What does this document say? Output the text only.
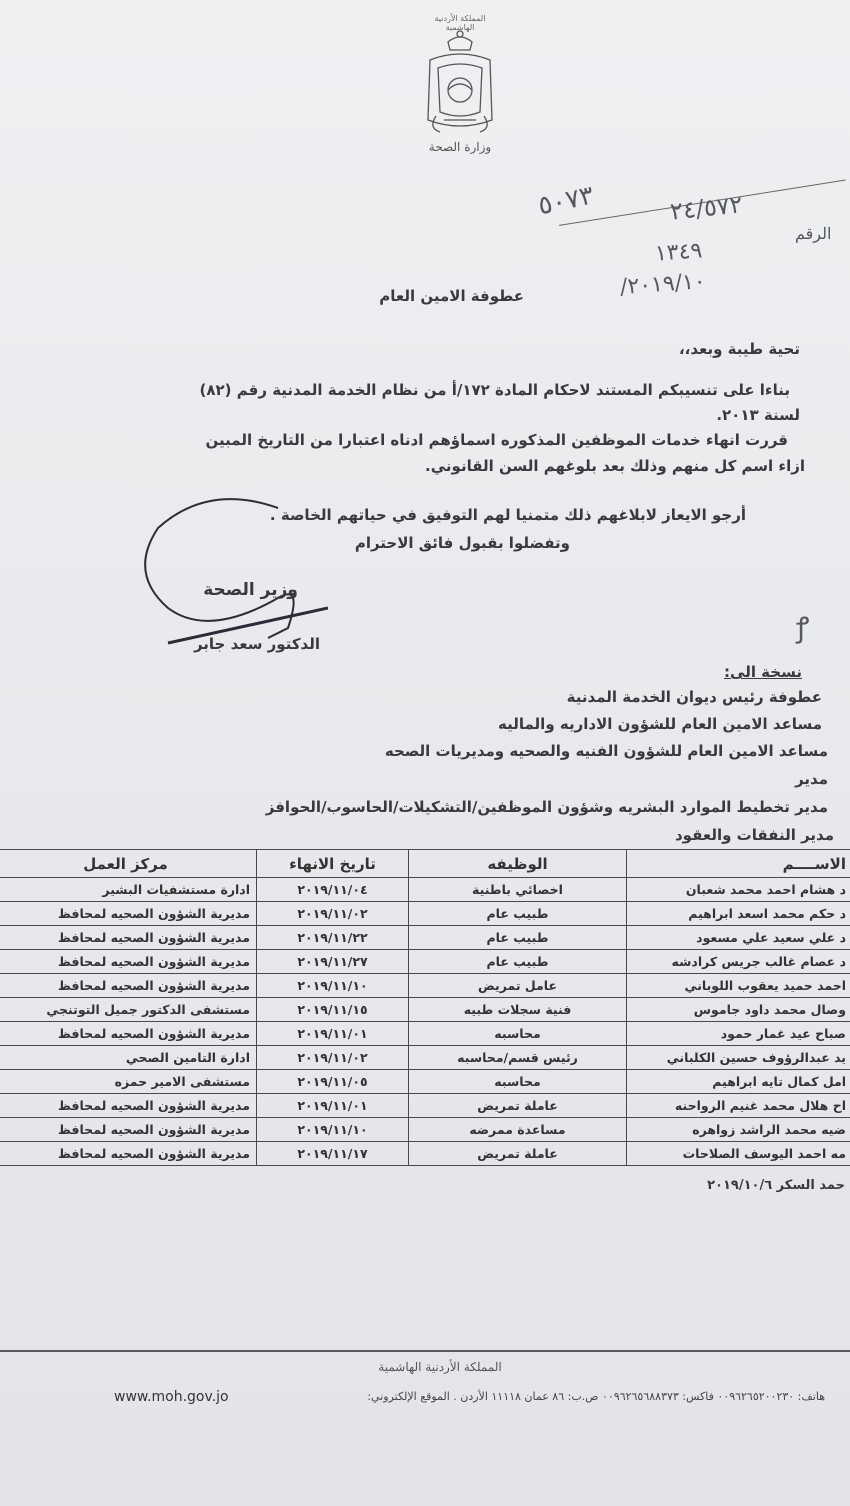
المملكة الأردنية الهاشمية
وزارة الصحة
٥٠٧٣	٢٤/٥٧٢
الرقم
١٣٤٩
٢٠١٩/١٠/
عطوفة الامين العام
تحية طيبة وبعد،،
بناءا على تنسيبكم المستند لاحكام المادة ١٧٢/أ من نظام الخدمة المدنية رقم (٨٢)
لسنة ٢٠١٣.
قررت انهاء خدمات الموظفين المذكوره اسماؤهم ادناه اعتبارا من التاريخ المبين
ازاء اسم كل منهم وذلك بعد بلوغهم السن القانوني.
أرجو الايعاز لابلاغهم ذلك متمنيا لهم التوفيق في حياتهم الخاصة .
وتفضلوا بقبول فائق الاحترام
وزير الصحة
الدكتور سعد جابر	ꝭ
نسخة الى:
عطوفة رئيس ديوان الخدمة المدنية
مساعد الامين العام للشؤون الاداريه والماليه
مساعد الامين العام للشؤون الفنيه والصحيه ومديريات الصحه
مدير
مدير تخطيط الموارد البشريه وشؤون الموظفين/التشكيلات/الحاسوب/الحوافز
مدير النفقات والعقود
الاســــم	الوظيفه	تاريخ الانهاء	مركز العمل
د هشام احمد محمد شعبان	اخصائي باطنية	٢٠١٩/١١/٠٤	ادارة مستشفيات البشير
د حكم محمد اسعد ابراهيم	طبيب عام	٢٠١٩/١١/٠٢	مديرية الشؤون الصحيه لمحافظ
د علي سعيد علي مسعود	طبيب عام	٢٠١٩/١١/٢٢	مديرية الشؤون الصحيه لمحافظ
د عصام غالب جريس كرادشه	طبيب عام	٢٠١٩/١١/٢٧	مديرية الشؤون الصحيه لمحافظ
احمد حميد يعقوب اللوباني	عامل تمريض	٢٠١٩/١١/١٠	مديرية الشؤون الصحيه لمحافظ
وصال محمد داود جاموس	فنية سجلات طبيه	٢٠١٩/١١/١٥	مستشفى الدكتور جميل التوتنجي
صباح عيد غمار حمود	محاسبه	٢٠١٩/١١/٠١	مديرية الشؤون الصحيه لمحافظ
يد عبدالرؤوف حسين الكلباني	رئيس قسم/محاسبه	٢٠١٩/١١/٠٢	ادارة التامين الصحي
امل كمال تايه ابراهيم	محاسبه	٢٠١٩/١١/٠٥	مستشفى الامير حمزه
اح هلال محمد غنيم الرواحنه	عاملة تمريض	٢٠١٩/١١/٠١	مديرية الشؤون الصحيه لمحافظ
ضيه محمد الراشد زواهره	مساعدة ممرضه	٢٠١٩/١١/١٠	مديرية الشؤون الصحيه لمحافظ
مه احمد اليوسف الصلاحات	عاملة تمريض	٢٠١٩/١١/١٧	مديرية الشؤون الصحيه لمحافظ
حمد السكر ٢٠١٩/١٠/٦
المملكة الأردنية الهاشمية
هاتف: ٠٠٩٦٢٦٥٢٠٠٢٣٠ فاكس: ٠٠٩٦٢٦٥٦٨٨٣٧٣ ص.ب: ٨٦ عمان ١١١١٨ الأردن . الموقع الإلكتروني:
www.moh.gov.jo
